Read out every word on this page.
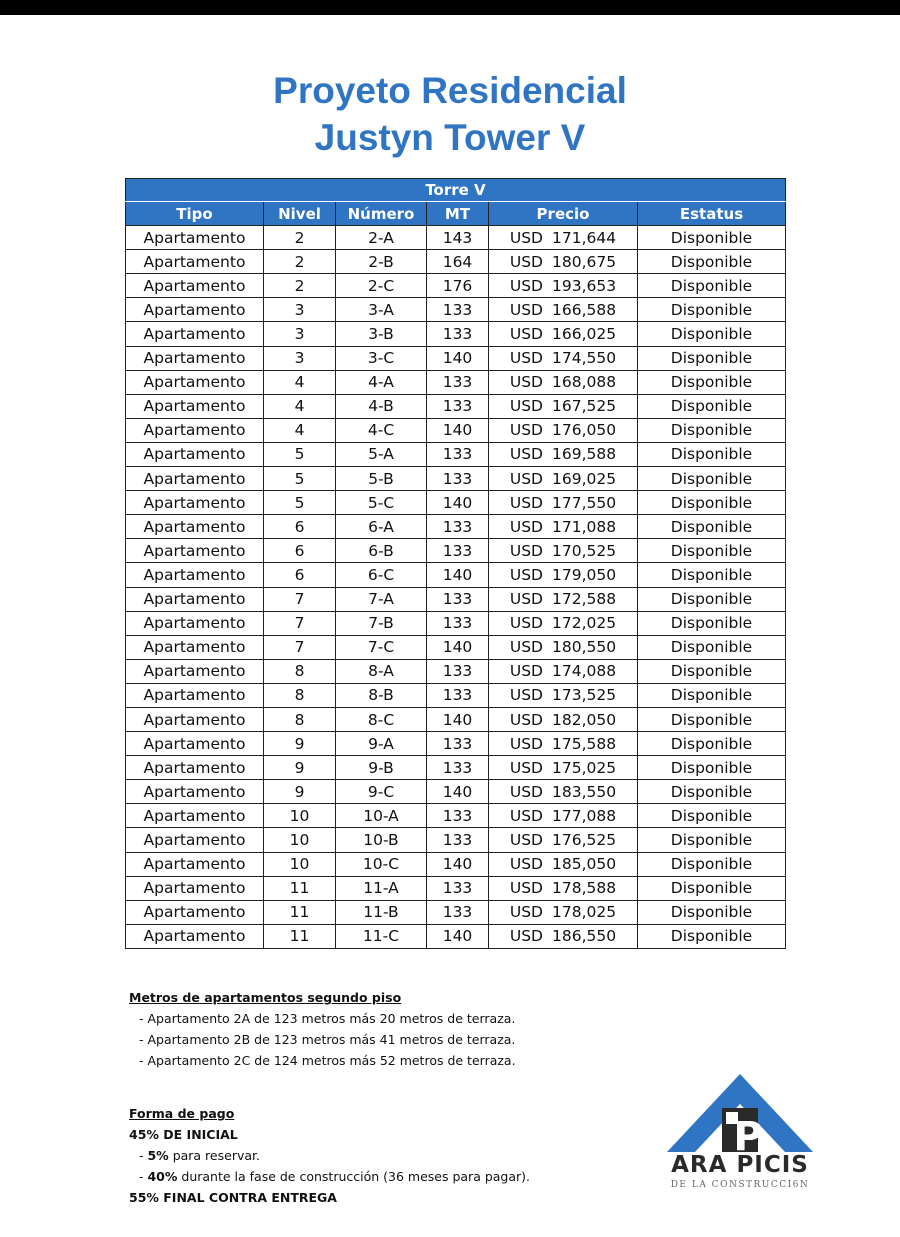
Proyeto Residencial
Justyn Tower V
Torre V					
Tipo	Nivel	Número	MT	Precio	Estatus
Apartamento	2	2-A	143	USD 171,644	Disponible
Apartamento	2	2-B	164	USD 180,675	Disponible
Apartamento	2	2-C	176	USD 193,653	Disponible
Apartamento	3	3-A	133	USD 166,588	Disponible
Apartamento	3	3-B	133	USD 166,025	Disponible
Apartamento	3	3-C	140	USD 174,550	Disponible
Apartamento	4	4-A	133	USD 168,088	Disponible
Apartamento	4	4-B	133	USD 167,525	Disponible
Apartamento	4	4-C	140	USD 176,050	Disponible
Apartamento	5	5-A	133	USD 169,588	Disponible
Apartamento	5	5-B	133	USD 169,025	Disponible
Apartamento	5	5-C	140	USD 177,550	Disponible
Apartamento	6	6-A	133	USD 171,088	Disponible
Apartamento	6	6-B	133	USD 170,525	Disponible
Apartamento	6	6-C	140	USD 179,050	Disponible
Apartamento	7	7-A	133	USD 172,588	Disponible
Apartamento	7	7-B	133	USD 172,025	Disponible
Apartamento	7	7-C	140	USD 180,550	Disponible
Apartamento	8	8-A	133	USD 174,088	Disponible
Apartamento	8	8-B	133	USD 173,525	Disponible
Apartamento	8	8-C	140	USD 182,050	Disponible
Apartamento	9	9-A	133	USD 175,588	Disponible
Apartamento	9	9-B	133	USD 175,025	Disponible
Apartamento	9	9-C	140	USD 183,550	Disponible
Apartamento	10	10-A	133	USD 177,088	Disponible
Apartamento	10	10-B	133	USD 176,525	Disponible
Apartamento	10	10-C	140	USD 185,050	Disponible
Apartamento	11	11-A	133	USD 178,588	Disponible
Apartamento	11	11-B	133	USD 178,025	Disponible
Apartamento	11	11-C	140	USD 186,550	Disponible
Metros de apartamentos segundo piso
- Apartamento 2A de 123 metros más 20 metros de terraza.
- Apartamento 2B de 123 metros más 41 metros de terraza.
- Apartamento 2C de 124 metros más 52 metros de terraza.
Forma de pago
45% DE INICIAL
- 5% para reservar.
- 40% durante la fase de construcción (36 meses para pagar).
55% FINAL CONTRA ENTREGA
P
ARA PICIS
DE LA CONSTRUCCI6N
